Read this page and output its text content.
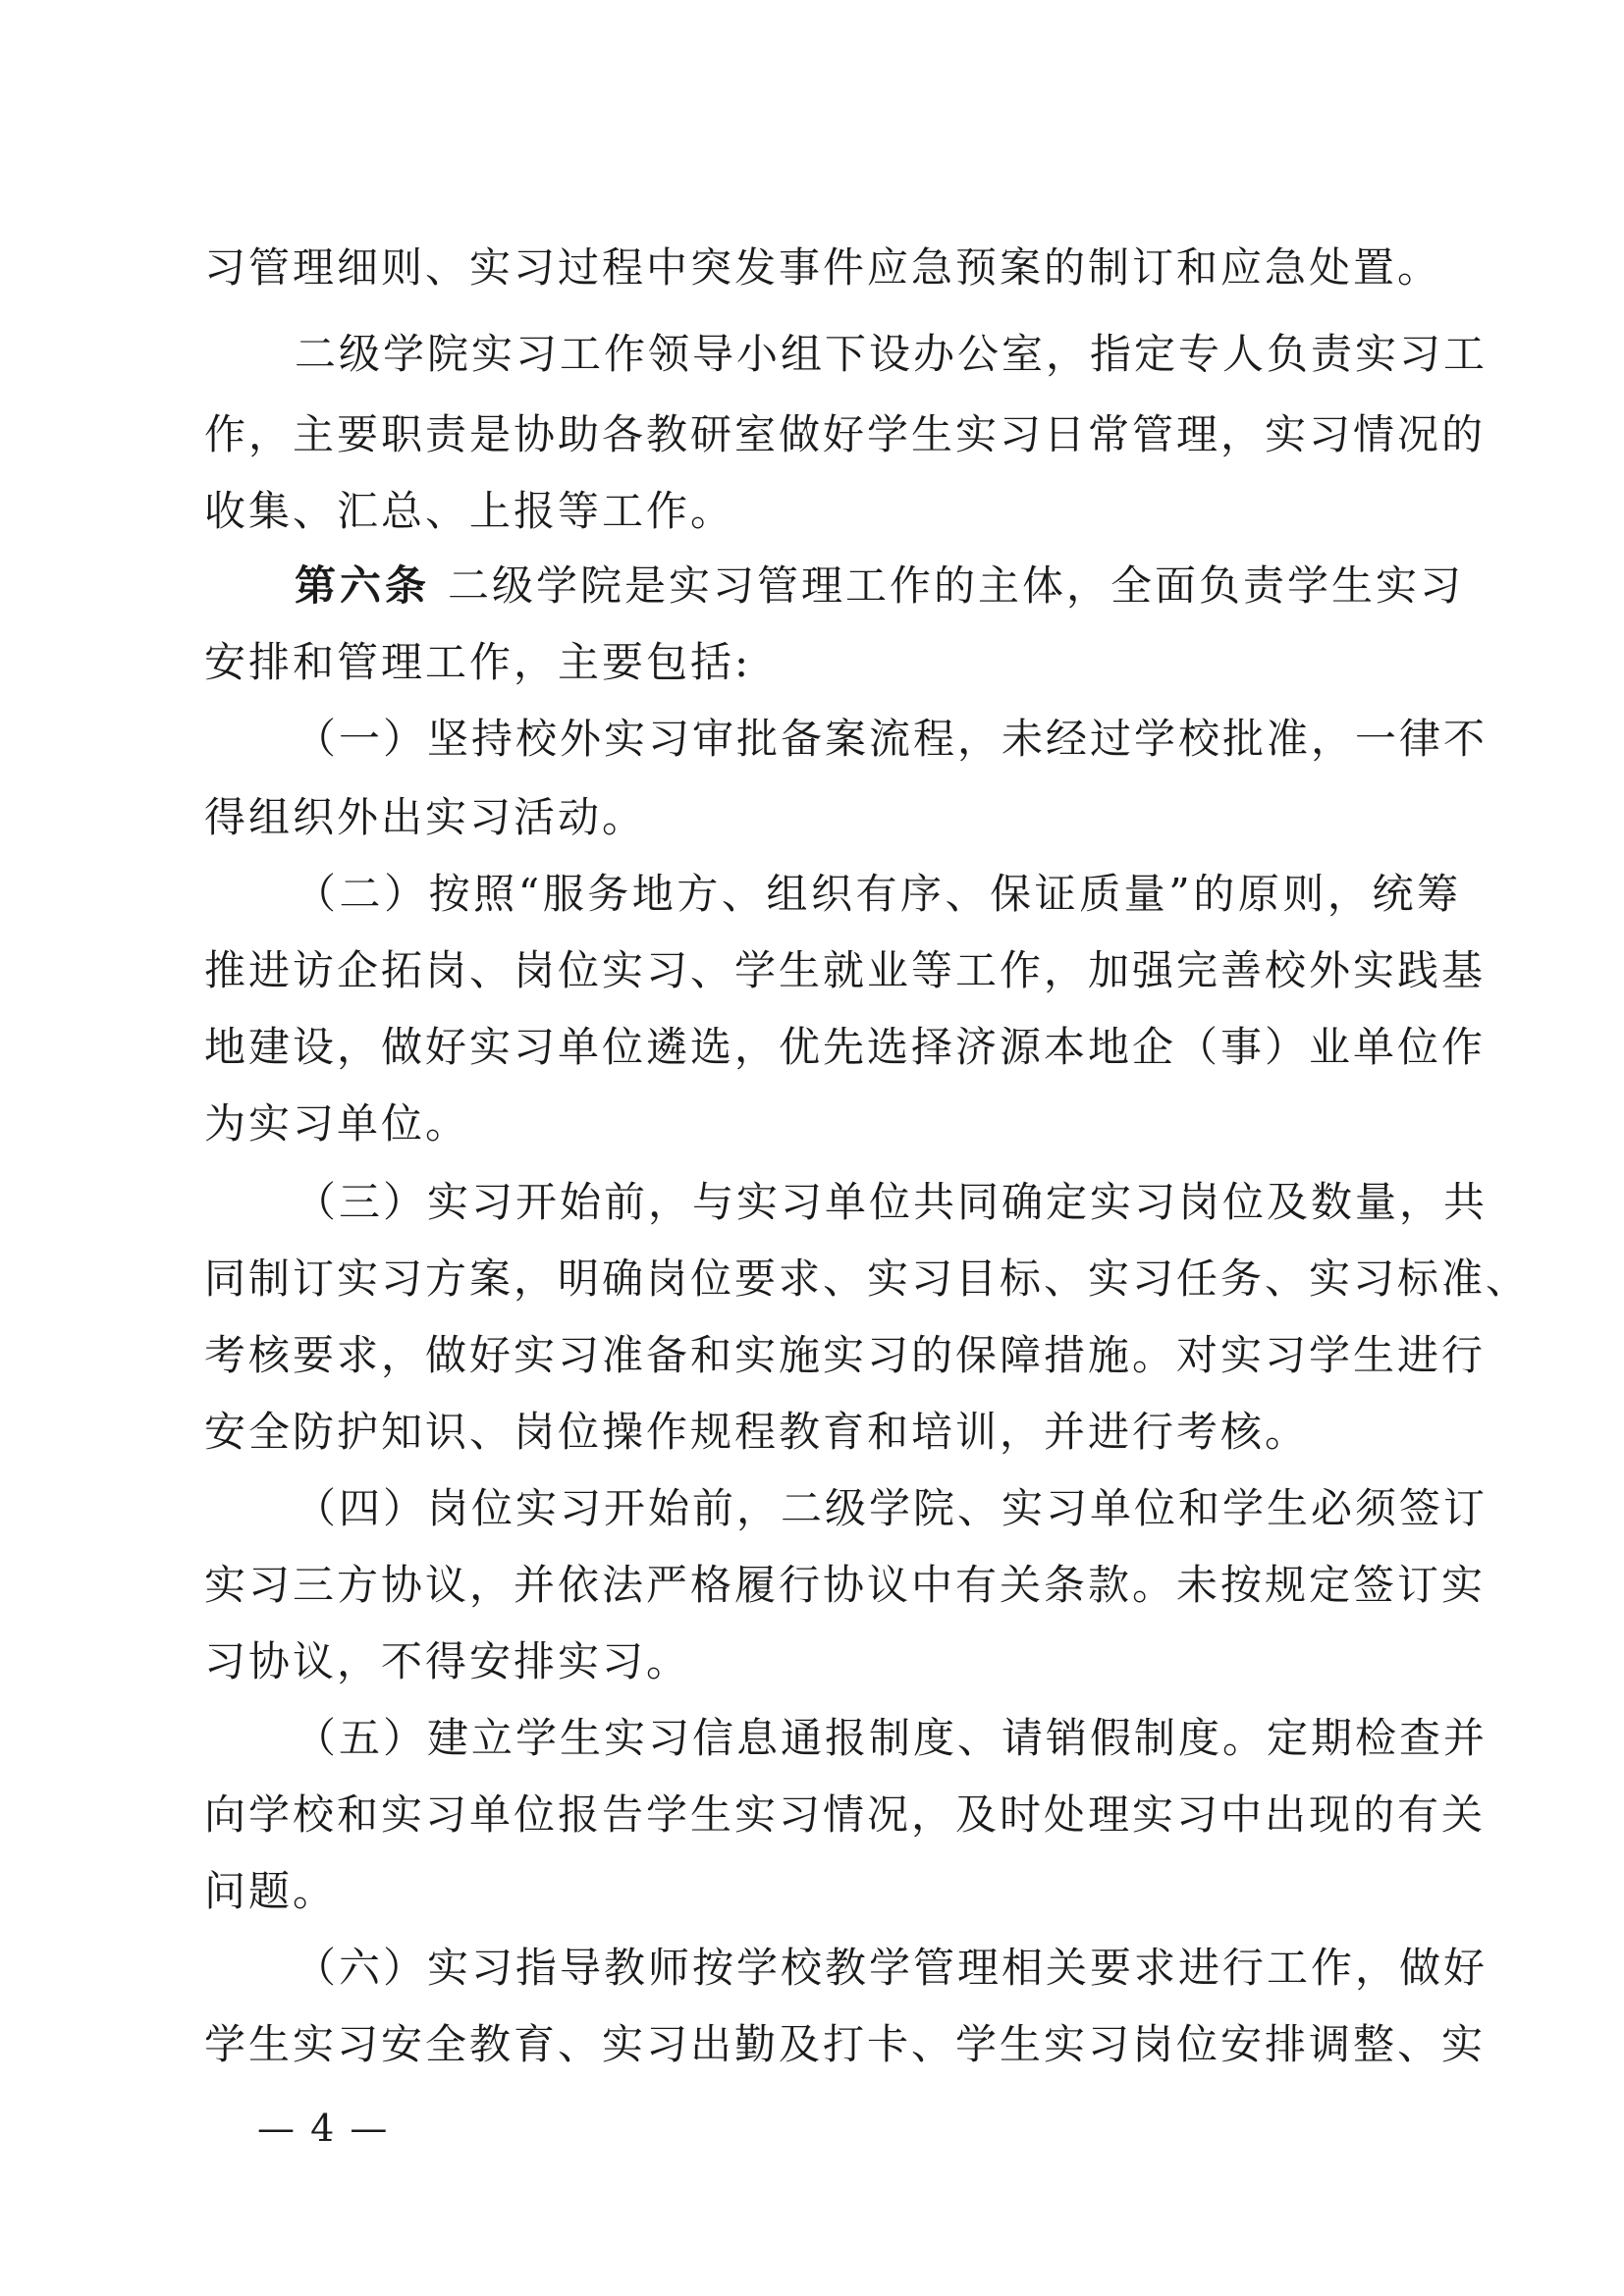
习管理细则、实习过程中突发事件应急预案的制订和应急处置。
二级学院实习工作领导小组下设办公室，指定专人负责实习工
作，主要职责是协助各教研室做好学生实习日常管理，实习情况的
收集、汇总、上报等工作。
第六条 二级学院是实习管理工作的主体，全面负责学生实习
安排和管理工作，主要包括:
（一）坚持校外实习审批备案流程，未经过学校批准，一律不
得组织外出实习活动。
（二）按照“服务地方、组织有序、保证质量”的原则，统筹
推进访企拓岗、岗位实习、学生就业等工作，加强完善校外实践基
地建设，做好实习单位遴选，优先选择济源本地企（事）业单位作
为实习单位。
（三）实习开始前，与实习单位共同确定实习岗位及数量，共
同制订实习方案，明确岗位要求、实习目标、实习任务、实习标准、
考核要求，做好实习准备和实施实习的保障措施。对实习学生进行
安全防护知识、岗位操作规程教育和培训，并进行考核。
（四）岗位实习开始前，二级学院、实习单位和学生必须签订
实习三方协议，并依法严格履行协议中有关条款。未按规定签订实
习协议，不得安排实习。
（五）建立学生实习信息通报制度、请销假制度。定期检查并
向学校和实习单位报告学生实习情况，及时处理实习中出现的有关
问题。
（六）实习指导教师按学校教学管理相关要求进行工作，做好
学生实习安全教育、实习出勤及打卡、学生实习岗位安排调整、实
— 4 —
